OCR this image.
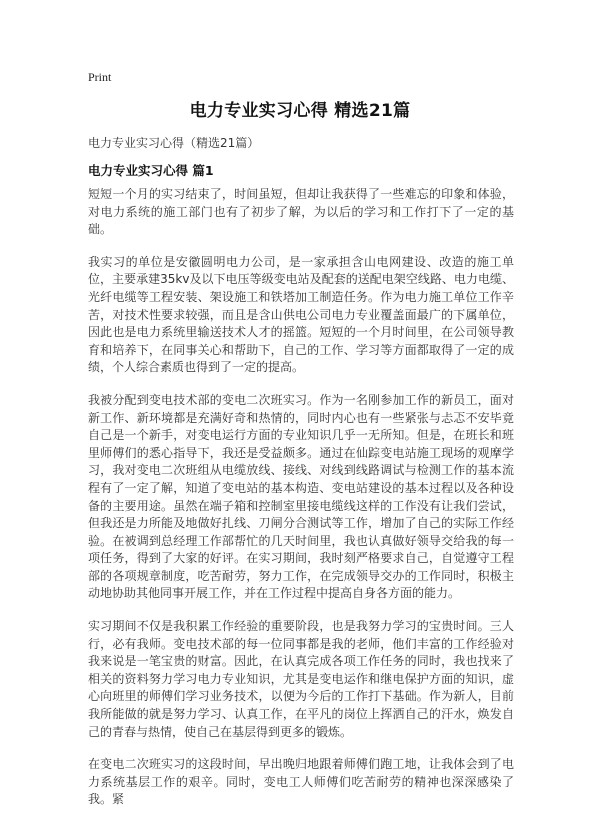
Print
电力专业实习心得 精选21篇

电力专业实习心得（精选21篇）

电力专业实习心得 篇1

短短一个月的实习结束了，时间虽短，但却让我获得了一些难忘的印象和体验，对电力系统的施工部门也有了初步了解，为以后的学习和工作打下了一定的基础。

我实习的单位是安徽圆明电力公司，是一家承担含山电网建设、改造的施工单位，主要承建35kv及以下电压等级变电站及配套的送配电架空线路、电力电缆、光纤电缆等工程安装、架设施工和铁塔加工制造任务。作为电力施工单位工作辛苦，对技术性要求较强，而且是含山供电公司电力专业覆盖面最广的下属单位，因此也是电力系统里输送技术人才的摇篮。短短的一个月时间里，在公司领导教育和培养下，在同事关心和帮助下，自己的工作、学习等方面都取得了一定的成绩，个人综合素质也得到了一定的提高。

我被分配到变电技术部的变电二次班实习。作为一名刚参加工作的新员工，面对新工作、新环境都是充满好奇和热情的，同时内心也有一些紧张与忐忑不安毕竟自己是一个新手，对变电运行方面的专业知识几乎一无所知。但是，在班长和班里师傅们的悉心指导下，我还是受益颇多。通过在仙踪变电站施工现场的观摩学习，我对变电二次班组从电缆放线、接线、对线到线路调试与检测工作的基本流程有了一定了解，知道了变电站的基本构造、变电站建设的基本过程以及各种设备的主要用途。虽然在端子箱和控制室里接电缆线这样的工作没有让我们尝试，但我还是力所能及地做好扎线、刀闸分合测试等工作，增加了自己的实际工作经验。在被调到总经理工作部帮忙的几天时间里，我也认真做好领导交给我的每一项任务，得到了大家的好评。在实习期间，我时刻严格要求自己，自觉遵守工程部的各项规章制度，吃苦耐劳，努力工作，在完成领导交办的工作同时，积极主动地协助其他同事开展工作，并在工作过程中提高自身各方面的能力。

实习期间不仅是我积累工作经验的重要阶段，也是我努力学习的宝贵时间。三人行，必有我师。变电技术部的每一位同事都是我的老师，他们丰富的工作经验对我来说是一笔宝贵的财富。因此，在认真完成各项工作任务的同时，我也找来了相关的资料努力学习电力专业知识，尤其是变电运作和继电保护方面的知识，虚心向班里的师傅们学习业务技术，以便为今后的工作打下基础。作为新人，目前我所能做的就是努力学习、认真工作，在平凡的岗位上挥洒自己的汗水，焕发自己的青春与热情，使自己在基层得到更多的锻炼。

在变电二次班实习的这段时间，早出晚归地跟着师傅们跑工地，让我体会到了电力系统基层工作的艰辛。同时，变电工人师傅们吃苦耐劳的精神也深深感染了我。紧
